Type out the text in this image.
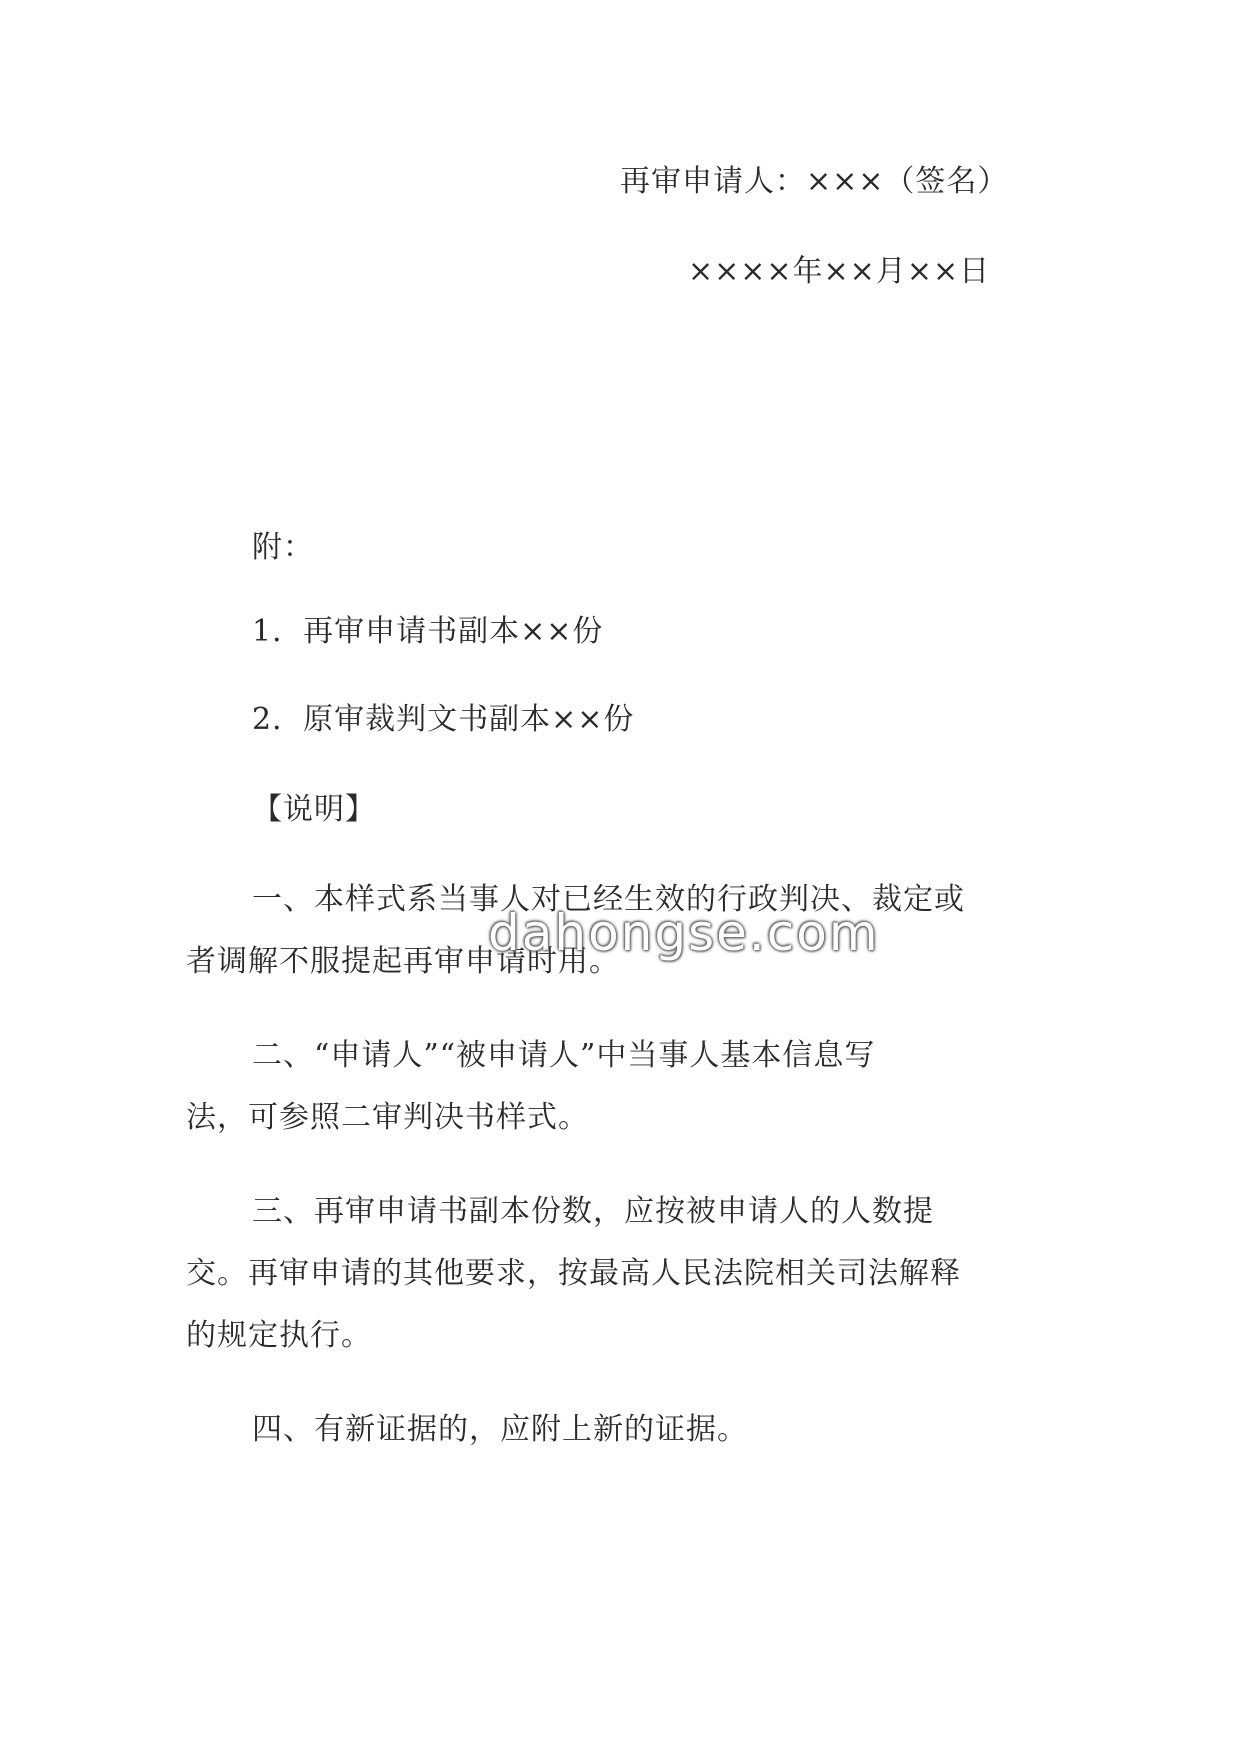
再审申请人：×××（签名）
××××年××月××日
附：
1．再审申请书副本××份
2．原审裁判文书副本××份
【说明】
一、本样式系当事人对已经生效的行政判决、裁定或
者调解不服提起再审申请时用。
二、“申请人”“被申请人”中当事人基本信息写
法，可参照二审判决书样式。
三、再审申请书副本份数，应按被申请人的人数提
交。再审申请的其他要求，按最高人民法院相关司法解释
的规定执行。
四、有新证据的，应附上新的证据。
dahongse.com
